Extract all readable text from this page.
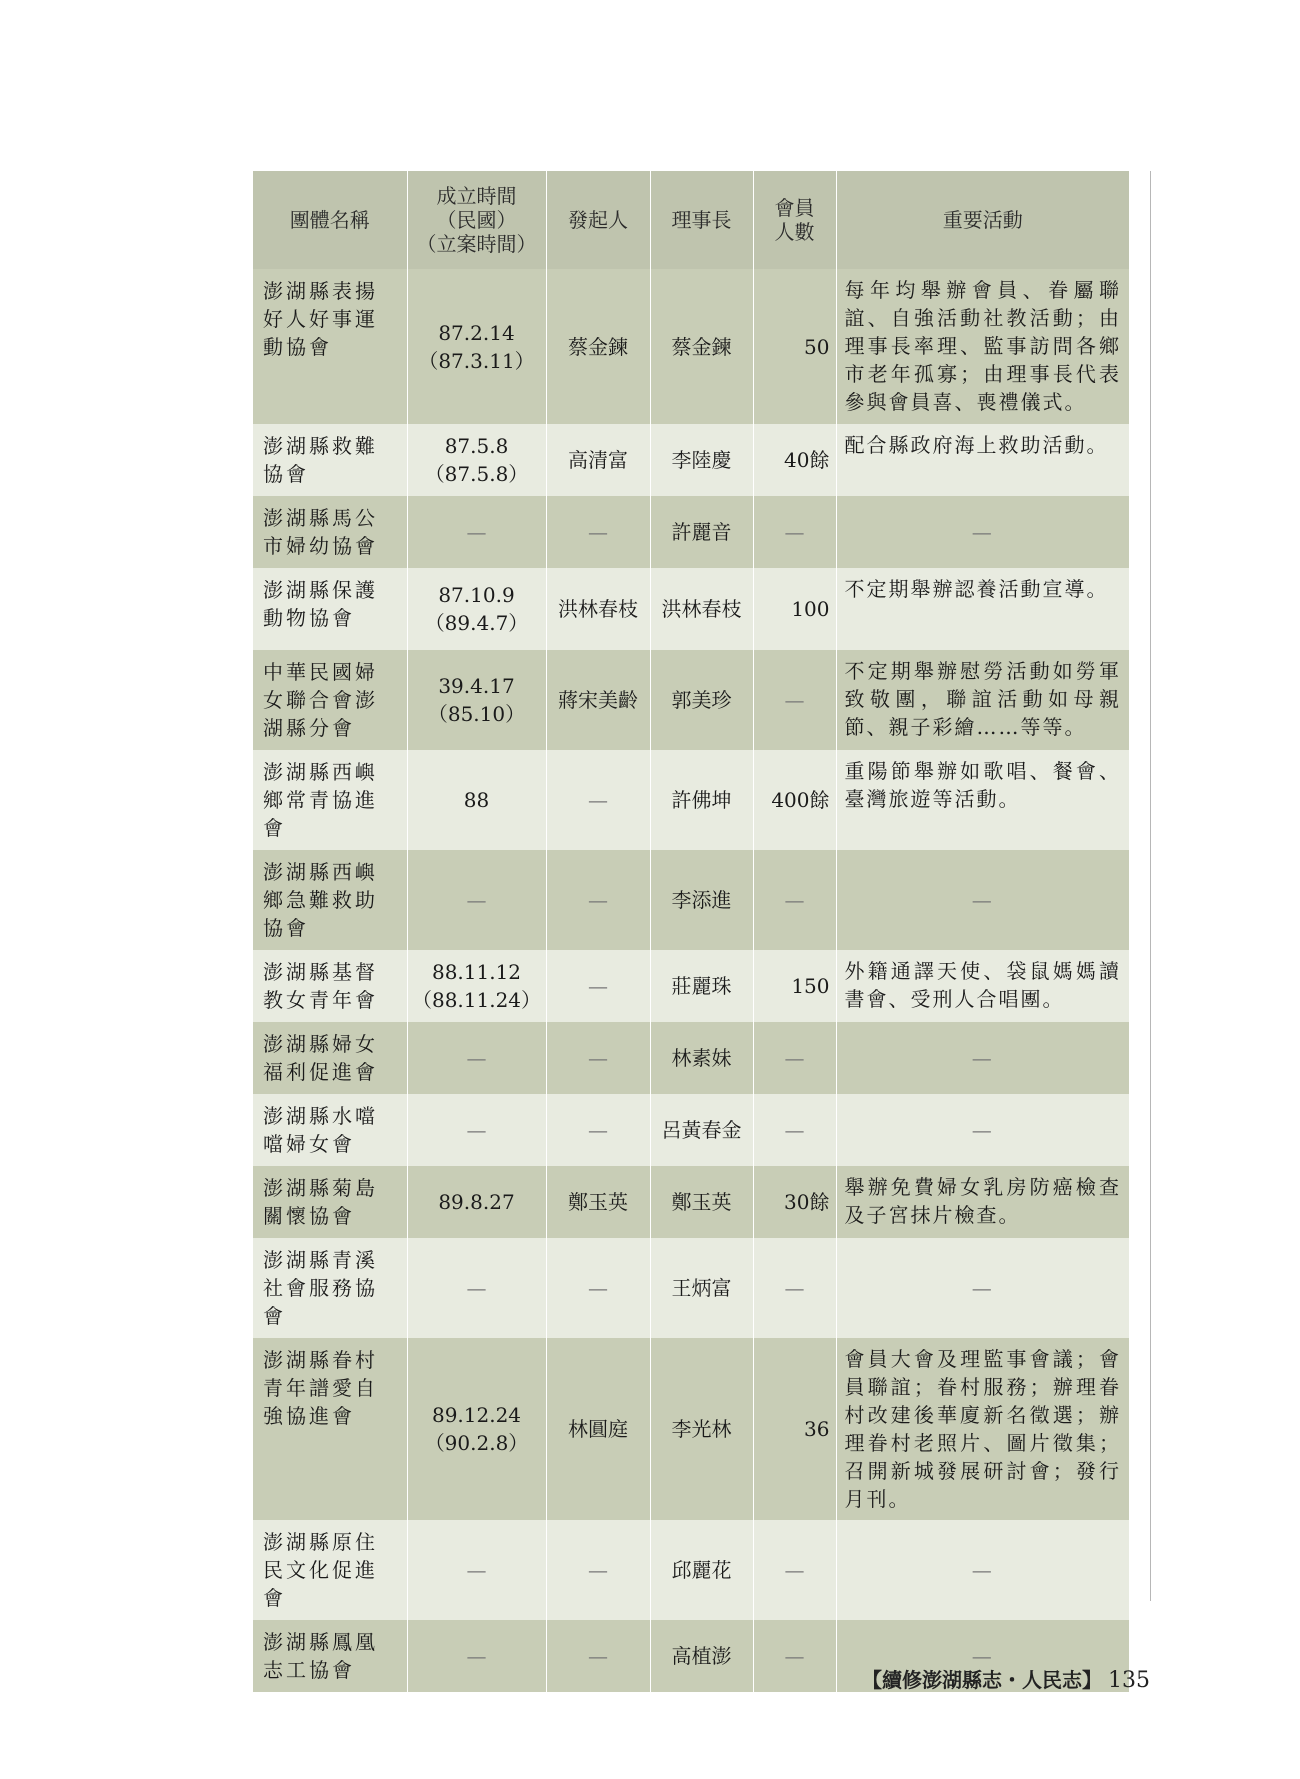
團體名稱	成立時間
（民國）
（立案時間）	發起人	理事長	會員
人數	重要活動
澎湖縣表揚好人好事運動協會	87.2.14
（87.3.11）	蔡金鍊	蔡金鍊	50	每年均舉辦會員、眷屬聯誼、自強活動社教活動；由理事長率理、監事訪問各鄉市老年孤寡；由理事長代表參與會員喜、喪禮儀式。
澎湖縣救難協會	87.5.8
（87.5.8）	高清富	李陸慶	40餘	配合縣政府海上救助活動。
澎湖縣馬公市婦幼協會	—	—	許麗音	—	—
澎湖縣保護動物協會	87.10.9
（89.4.7）	洪林春枝	洪林春枝	100	不定期舉辦認養活動宣導。
中華民國婦女聯合會澎湖縣分會	39.4.17
（85.10）	蔣宋美齡	郭美珍	—	不定期舉辦慰勞活動如勞軍致敬團，聯誼活動如母親節、親子彩繪……等等。
澎湖縣西嶼鄉常青協進會	88	—	許佛坤	400餘	重陽節舉辦如歌唱、餐會、臺灣旅遊等活動。
澎湖縣西嶼鄉急難救助協會	—	—	李添進	—	—
澎湖縣基督教女青年會	88.11.12
（88.11.24）	—	莊麗珠	150	外籍通譯天使、袋鼠媽媽讀書會、受刑人合唱團。
澎湖縣婦女福利促進會	—	—	林素妹	—	—
澎湖縣水噹噹婦女會	—	—	呂黃春金	—	—
澎湖縣菊島關懷協會	89.8.27	鄭玉英	鄭玉英	30餘	舉辦免費婦女乳房防癌檢查及子宮抹片檢查。
澎湖縣青溪社會服務協會	—	—	王炳富	—	—
澎湖縣眷村青年譜愛自強協進會	89.12.24
（90.2.8）	林圓庭	李光林	36	會員大會及理監事會議；會員聯誼；眷村服務；辦理眷村改建後華廈新名徵選；辦理眷村老照片、圖片徵集；召開新城發展研討會；發行月刊。
澎湖縣原住民文化促進會	—	—	邱麗花	—	—
澎湖縣鳳凰志工協會	—	—	高植澎	—	—
【續修澎湖縣志・人民志】 135
